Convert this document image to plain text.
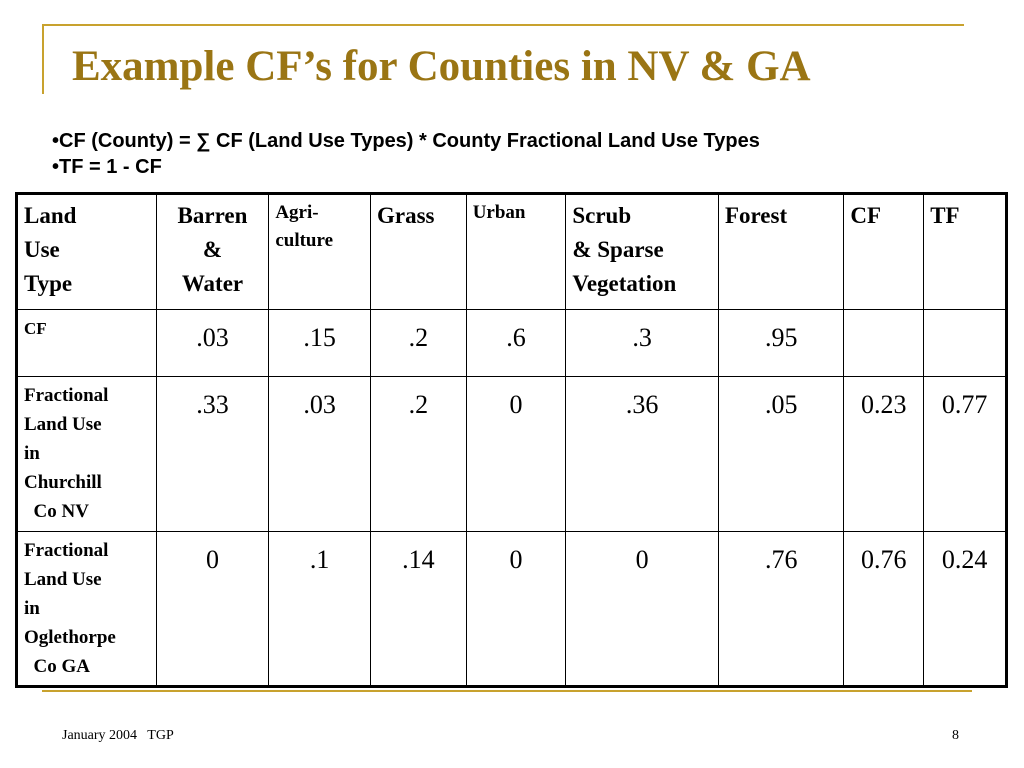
Example CF’s for Counties in NV & GA
• CF (County) = ∑ CF (Land Use Types) * County Fractional Land Use Types
• TF = 1 - CF
Land
Use
Type	Barren
&
Water	Agri-
culture	Grass	Urban	Scrub
& Sparse
Vegetation	Forest	CF	TF
CF	.03	.15	.2	.6	.3	.95		
Fractional
Land Use
in
Churchill
Co NV	.33	.03	.2	0	.36	.05	0.23	0.77
Fractional
Land Use
in
Oglethorpe
Co GA	0	.1	.14	0	0	.76	0.76	0.24
January 2004   TGP	8
